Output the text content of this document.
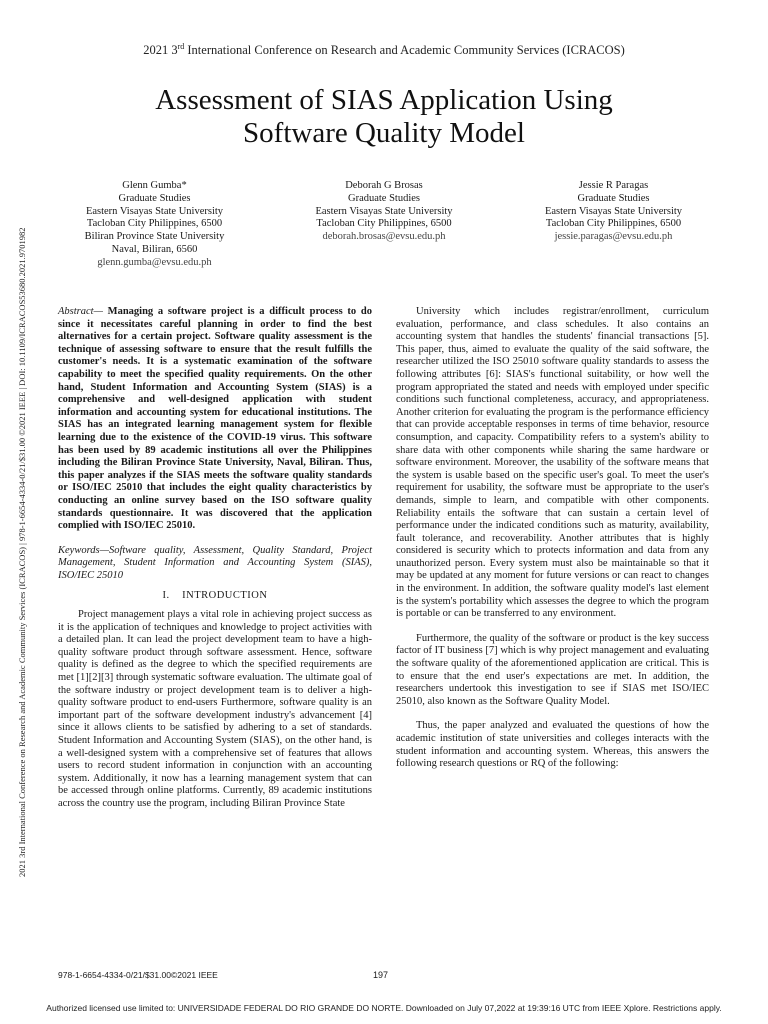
2021 3rd International Conference on Research and Academic Community Services (ICRACOS)
Assessment of SIAS Application Using
Software Quality Model
2021 3rd International Conference on Research and Academic Community Services (ICRACOS) | 978-1-6654-4334-0/21/$31.00 ©2021 IEEE | DOI: 10.1109/ICRACOS53680.2021.9701982
Glenn Gumba*
Graduate Studies
Eastern Visayas State University
Tacloban City Philippines, 6500
Biliran Province State University
Naval, Biliran, 6560
glenn.gumba@evsu.edu.ph
Deborah G Brosas
Graduate Studies
Eastern Visayas State University
Tacloban City Philippines, 6500
deborah.brosas@evsu.edu.ph
Jessie R Paragas
Graduate Studies
Eastern Visayas State University
Tacloban City Philippines, 6500
jessie.paragas@evsu.edu.ph

Abstract— Managing a software project is a difficult process to do since it necessitates careful planning in order to find the best alternatives for a certain project. Software quality assessment is the technique of assessing software to ensure that the result fulfills the customer's needs. It is a systematic examination of the software capability to meet the specified quality requirements. On the other hand, Student Information and Accounting System (SIAS) is a comprehensive and well-designed application with student information and accounting system for educational institutions. The SIAS has an integrated learning management system for flexible learning due to the existence of the COVID-19 virus. This software has been used by 89 academic institutions all over the Philippines including the Biliran Province State University, Naval, Biliran. Thus, this paper analyzes if the SIAS meets the software quality standards or ISO/IEC 25010 that includes the eight quality characteristics by conducting an online survey based on the ISO software quality standards questionnaire. It was discovered that the application complied with ISO/IEC 25010.

Keywords—Software quality, Assessment, Quality Standard, Project Management, Student Information and Accounting System (SIAS), ISO/IEC 25010

I. INTRODUCTION

Project management plays a vital role in achieving project success as it is the application of techniques and knowledge to project activities with a detailed plan. It can lead the project development team to have a high-quality software product through software assessment. Hence, software quality is defined as the degree to which the specified requirements are met [1][2][3] through systematic software evaluation. The ultimate goal of the software industry or project development team is to deliver a high-quality software product to end-users Furthermore, software quality is an important part of the software development industry's advancement [4] since it allows clients to be satisfied by adhering to a set of standards. Student Information and Accounting System (SIAS), on the other hand, is a well-designed system with a comprehensive set of features that allows users to record student information in conjunction with an accounting system. Additionally, it now has a learning management system that can be accessed through online platforms. Currently, 89 academic institutions across the country use the program, including Biliran Province State

University which includes registrar/enrollment, curriculum evaluation, performance, and class schedules. It also contains an accounting system that handles the students' financial transactions [5]. This paper, thus, aimed to evaluate the quality of the said software, the researcher utilized the ISO 25010 software quality standards to assess the following attributes [6]: SIAS's functional suitability, or how well the program appropriated the stated and needs with employed under specific conditions such functional completeness, accuracy, and appropriateness. Another criterion for evaluating the program is the performance efficiency that can provide acceptable responses in terms of time behavior, resource consumption, and capacity. Compatibility refers to a system's ability to share data with other components while sharing the same hardware or software environment. Moreover, the usability of the software means that the system is usable based on the specific user's goal. To meet the user's requirement for usability, the software must be appropriate to the user's demands, simple to learn, and compatible with other components. Reliability entails the software that can sustain a certain level of performance under the indicated conditions such as maturity, availability, fault tolerance, and recoverability. Another attributes that is highly considered is security which to protects information and data from any unauthorized person. Every system must also be maintainable so that it may be updated at any moment for future versions or can react to changes in the environment. In addition, the software quality model's last element is the system's portability which assesses the degree to which the program is portable or can be transferred to any environment.

Furthermore, the quality of the software or product is the key success factor of IT business [7] which is why project management and evaluating the software quality of the aforementioned application are critical. This is to ensure that the end user's expectations are met. In addition, the researchers undertook this investigation to see if SIAS met ISO/IEC 25010, also known as the Software Quality Model.

Thus, the paper analyzed and evaluated the questions of how the academic institution of state universities and colleges interacts with the student information and accounting system. Whereas, this answers the following research questions or RQ of the following:

978-1-6654-4334-0/21/$31.00©2021 IEEE	197
Authorized licensed use limited to: UNIVERSIDADE FEDERAL DO RIO GRANDE DO NORTE. Downloaded on July 07,2022 at 19:39:16 UTC from IEEE Xplore. Restrictions apply.
